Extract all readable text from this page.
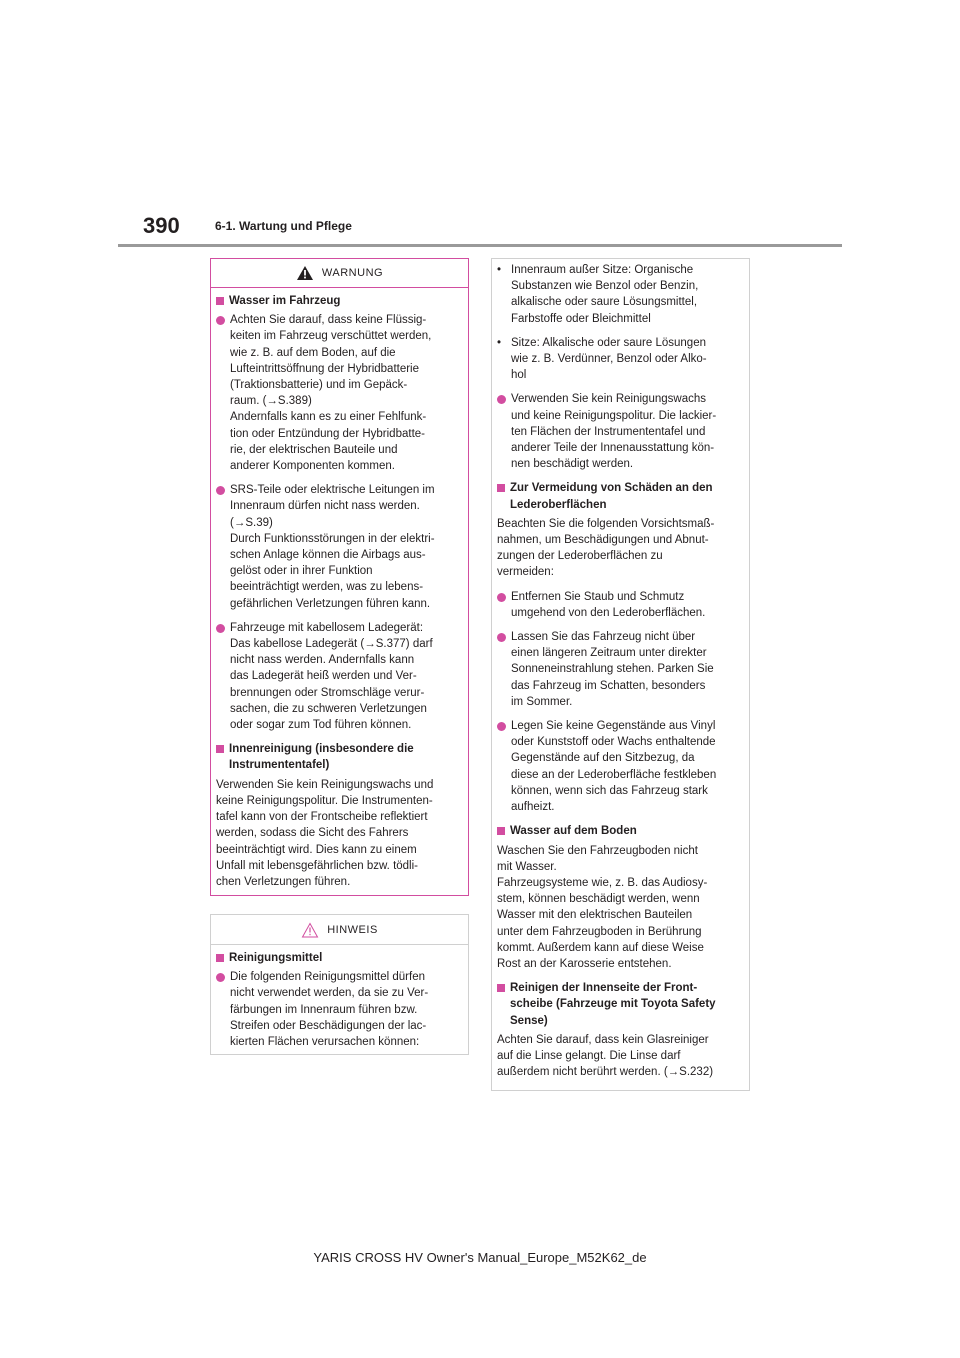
390	6-1. Wartung und Pflege
WARNUNG
Wasser im Fahrzeug
Achten Sie darauf, dass keine Flüssig-
keiten im Fahrzeug verschüttet werden,
wie z. B. auf dem Boden, auf die
Lufteintrittsöffnung der Hybridbatterie
(Traktionsbatterie) und im Gepäck-
raum. (→S.389)
Andernfalls kann es zu einer Fehlfunk-
tion oder Entzündung der Hybridbatte-
rie, der elektrischen Bauteile und
anderer Komponenten kommen.
SRS-Teile oder elektrische Leitungen im
Innenraum dürfen nicht nass werden.
(→S.39)
Durch Funktionsstörungen in der elektri-
schen Anlage können die Airbags aus-
gelöst oder in ihrer Funktion
beeinträchtigt werden, was zu lebens-
gefährlichen Verletzungen führen kann.
Fahrzeuge mit kabellosem Ladegerät:
Das kabellose Ladegerät (→S.377) darf
nicht nass werden. Andernfalls kann
das Ladegerät heiß werden und Ver-
brennungen oder Stromschläge verur-
sachen, die zu schweren Verletzungen
oder sogar zum Tod führen können.
Innenreinigung (insbesondere die
Instrumententafel)
Verwenden Sie kein Reinigungswachs und
keine Reinigungspolitur. Die Instrumenten-
tafel kann von der Frontscheibe reflektiert
werden, sodass die Sicht des Fahrers
beeinträchtigt wird. Dies kann zu einem
Unfall mit lebensgefährlichen bzw. tödli-
chen Verletzungen führen.
HINWEIS
Reinigungsmittel
Die folgenden Reinigungsmittel dürfen
nicht verwendet werden, da sie zu Ver-
färbungen im Innenraum führen bzw.
Streifen oder Beschädigungen der lac-
kierten Flächen verursachen können:
• Innenraum außer Sitze: Organische
Substanzen wie Benzol oder Benzin,
alkalische oder saure Lösungsmittel,
Farbstoffe oder Bleichmittel
• Sitze: Alkalische oder saure Lösungen
wie z. B. Verdünner, Benzol oder Alko-
hol
Verwenden Sie kein Reinigungswachs
und keine Reinigungspolitur. Die lackier-
ten Flächen der Instrumententafel und
anderer Teile der Innenausstattung kön-
nen beschädigt werden.
Zur Vermeidung von Schäden an den
Lederoberflächen
Beachten Sie die folgenden Vorsichtsmaß-
nahmen, um Beschädigungen und Abnut-
zungen der Lederoberflächen zu
vermeiden:
Entfernen Sie Staub und Schmutz
umgehend von den Lederoberflächen.
Lassen Sie das Fahrzeug nicht über
einen längeren Zeitraum unter direkter
Sonneneinstrahlung stehen. Parken Sie
das Fahrzeug im Schatten, besonders
im Sommer.
Legen Sie keine Gegenstände aus Vinyl
oder Kunststoff oder Wachs enthaltende
Gegenstände auf den Sitzbezug, da
diese an der Lederoberfläche festkleben
können, wenn sich das Fahrzeug stark
aufheizt.
Wasser auf dem Boden
Waschen Sie den Fahrzeugboden nicht
mit Wasser.
Fahrzeugsysteme wie, z. B. das Audiosy-
stem, können beschädigt werden, wenn
Wasser mit den elektrischen Bauteilen
unter dem Fahrzeugboden in Berührung
kommt. Außerdem kann auf diese Weise
Rost an der Karosserie entstehen.
Reinigen der Innenseite der Front-
scheibe (Fahrzeuge mit Toyota Safety
Sense)
Achten Sie darauf, dass kein Glasreiniger
auf die Linse gelangt. Die Linse darf
außerdem nicht berührt werden. (→S.232)
YARIS CROSS HV Owner's Manual_Europe_M52K62_de
